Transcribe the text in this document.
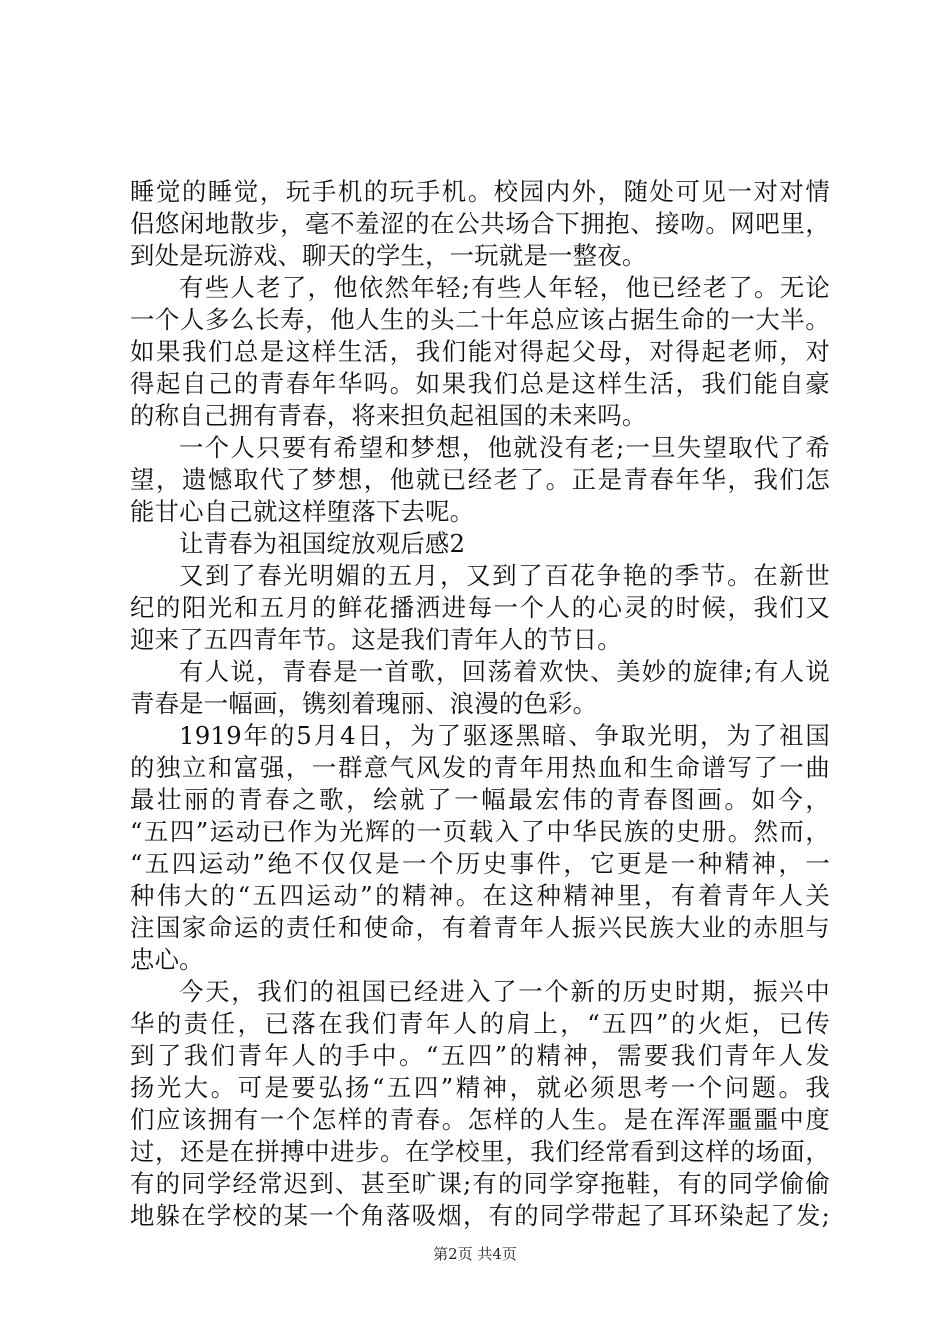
睡觉的睡觉，玩手机的玩手机。校园内外，随处可见一对对情
侣悠闲地散步，毫不羞涩的在公共场合下拥抱、接吻。网吧里，
到处是玩游戏、聊天的学生，一玩就是一整夜。
有些人老了，他依然年轻;有些人年轻，他已经老了。无论
一个人多么长寿，他人生的头二十年总应该占据生命的一大半。
如果我们总是这样生活，我们能对得起父母，对得起老师，对
得起自己的青春年华吗。如果我们总是这样生活，我们能自豪
的称自己拥有青春，将来担负起祖国的未来吗。
一个人只要有希望和梦想，他就没有老;一旦失望取代了希
望，遗憾取代了梦想，他就已经老了。正是青春年华，我们怎
能甘心自己就这样堕落下去呢。
让青春为祖国绽放观后感2
又到了春光明媚的五月，又到了百花争艳的季节。在新世
纪的阳光和五月的鲜花播洒进每一个人的心灵的时候，我们又
迎来了五四青年节。这是我们青年人的节日。
有人说，青春是一首歌，回荡着欢快、美妙的旋律;有人说
青春是一幅画，镌刻着瑰丽、浪漫的色彩。
1919年的5月4日，为了驱逐黑暗、争取光明，为了祖国
的独立和富强，一群意气风发的青年用热血和生命谱写了一曲
最壮丽的青春之歌，绘就了一幅最宏伟的青春图画。如今，
“五四”运动已作为光辉的一页载入了中华民族的史册。然而，
“五四运动”绝不仅仅是一个历史事件，它更是一种精神，一
种伟大的“五四运动”的精神。在这种精神里，有着青年人关
注国家命运的责任和使命，有着青年人振兴民族大业的赤胆与
忠心。
今天，我们的祖国已经进入了一个新的历史时期，振兴中
华的责任，已落在我们青年人的肩上，“五四”的火炬，已传
到了我们青年人的手中。“五四”的精神，需要我们青年人发
扬光大。可是要弘扬“五四”精神，就必须思考一个问题。我
们应该拥有一个怎样的青春。怎样的人生。是在浑浑噩噩中度
过，还是在拼搏中进步。在学校里，我们经常看到这样的场面，
有的同学经常迟到、甚至旷课;有的同学穿拖鞋，有的同学偷偷
地躲在学校的某一个角落吸烟，有的同学带起了耳环染起了发;
第2页 共4页
